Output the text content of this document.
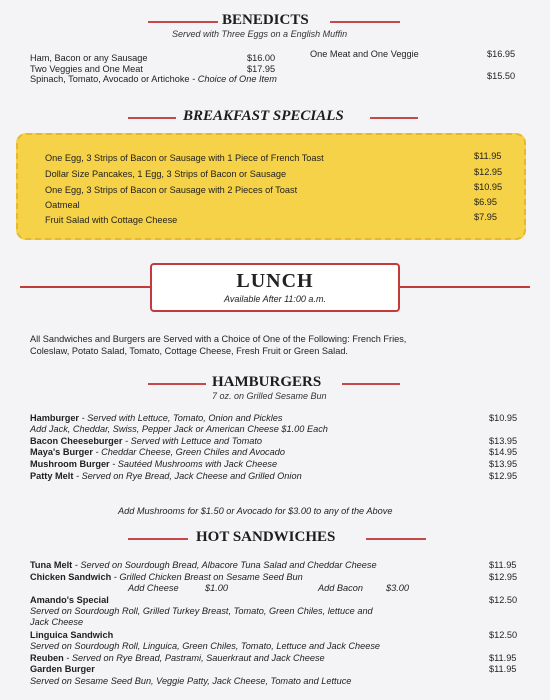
BENEDICTS
Served with Three Eggs on a English Muffin
Ham, Bacon or any Sausage	$16.00	One Meat and One Veggie	$16.95
Two Veggies and One Meat	$17.95
Spinach, Tomato, Avocado or Artichoke - Choice of One Item	$15.50
BREAKFAST SPECIALS
One Egg, 3 Strips of Bacon or Sausage with 1 Piece of French Toast	$11.95
Dollar Size Pancakes, 1 Egg, 3 Strips of Bacon or Sausage	$12.95
One Egg, 3 Strips of Bacon or Sausage with 2 Pieces of Toast	$10.95
Oatmeal	$6.95
Fruit Salad with Cottage Cheese	$7.95
LUNCH
Available After 11:00 a.m.
All Sandwiches and Burgers are Served with a Choice of One of the Following: French Fries,
Coleslaw, Potato Salad, Tomato, Cottage Cheese, Fresh Fruit or Green Salad.
HAMBURGERS
7 oz. on Grilled Sesame Bun
Hamburger - Served with Lettuce, Tomato, Onion and Pickles	$10.95
Add Jack, Cheddar, Swiss, Pepper Jack or American Cheese $1.00 Each
Bacon Cheeseburger - Served with Lettuce and Tomato	$13.95
Maya's Burger - Cheddar Cheese, Green Chiles and Avocado	$14.95
Mushroom Burger - Sautéed Mushrooms with Jack Cheese	$13.95
Patty Melt - Served on Rye Bread, Jack Cheese and Grilled Onion	$12.95
Add Mushrooms for $1.50 or Avocado for $3.00 to any of the Above
HOT SANDWICHES
Tuna Melt - Served on Sourdough Bread, Albacore Tuna Salad and Cheddar Cheese	$11.95
Chicken Sandwich - Grilled Chicken Breast on Sesame Seed Bun	$12.95
Add Cheese	$1.00	Add Bacon	$3.00
Amando's Special	$12.50
Served on Sourdough Roll, Grilled Turkey Breast, Tomato, Green Chiles, lettuce and
Jack Cheese
Linguica Sandwich	$12.50
Served on Sourdough Roll, Linguica, Green Chiles, Tomato, Lettuce and Jack Cheese
Reuben - Served on Rye Bread, Pastrami, Sauerkraut and Jack Cheese	$11.95
Garden Burger	$11.95
Served on Sesame Seed Bun, Veggie Patty, Jack Cheese, Tomato and Lettuce
